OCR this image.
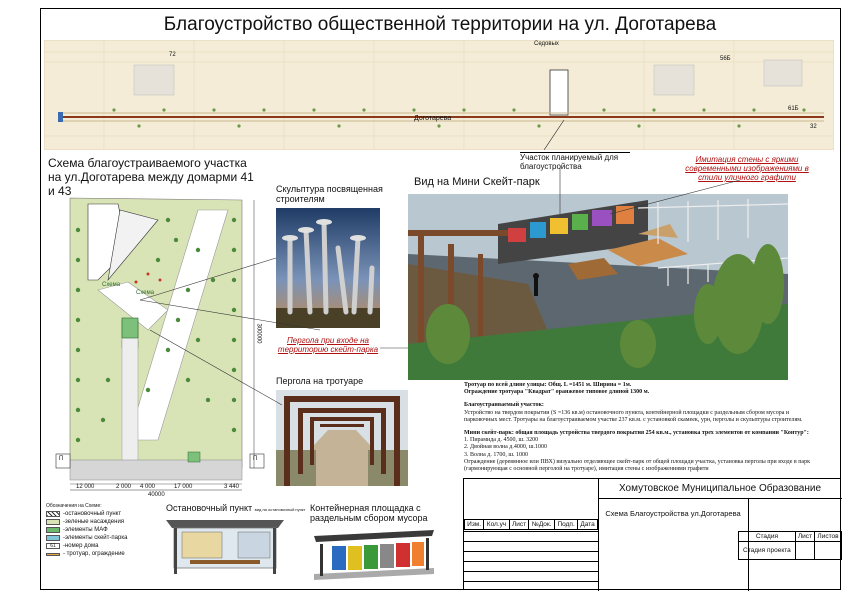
Благоустройство общественной территории на ул. Доготарева
Седовых
Доготарева
72
56Б
61Б
32
Участок планируемый для благоустройства
Имитация стены с яркими современными изображениями в стили уличного графити
Схема благоустраиваемого участка на ул.Доготарева между домарми 41 и 43
Схема
Схема
П	П
300000
12 000	2 000 4 000	17 000	3 440
40000
Обозначения на Схеме:
-остановочный пункт
-зеленые насаждения
-элементы МАФ
-элементы скейт-парка
61	-номер дома
- тротуар, ограждение
Скульптура посвященная строителям
Пергола при входе на территорию скейт-парка
Пергола на тротуаре
Вид на Мини Скейт-парк
Тротуар по всей длине улицы: Общ. L =1451 м. Ширина = 1м.
Ограждение тротуара "Квадрат" оранжевое типовое длиной 1300 м.
Благоустраиваемый участок:
Устройство на твердом покрытии (S =136 кв.м) остановочного пункта, контейнерной площадки с раздельным сбором мусора и парковочных мест. Тротуары на благоустраиваемом участке 237 кв.м. с установкой скамеек, урн, перголы и скульптуры строителям.
Мини скейт-парк: общая площадь устройства твердого покрытия 254 кв.м., установка трех элементов от компании "Контур":
1. Пирамида д. 4500, ш. 3200
2. Двойная волна д.4000, ш.1000
3. Волна д. 1700, ш. 1000
Ограждение (деревянное или ПВХ) визуально отделяющее скейт-парк от общей площади участка, установка перголы при входе в парк (гармонирующая с основной перголой на тротуаре), имитация стены с изображениями графити
Остановочный пункт вид на остановочный пункт
Остановка Строителей
Контейнерная площадка с раздельным сбором мусора
Хомутовское Муниципальное Образование
Схема Благоустройства ул.Доготарева
Изм.	Кол.уч	Лист	№Док.	Подп.	Дата
Стадия	Лист	Листов
Стадия проекта		
